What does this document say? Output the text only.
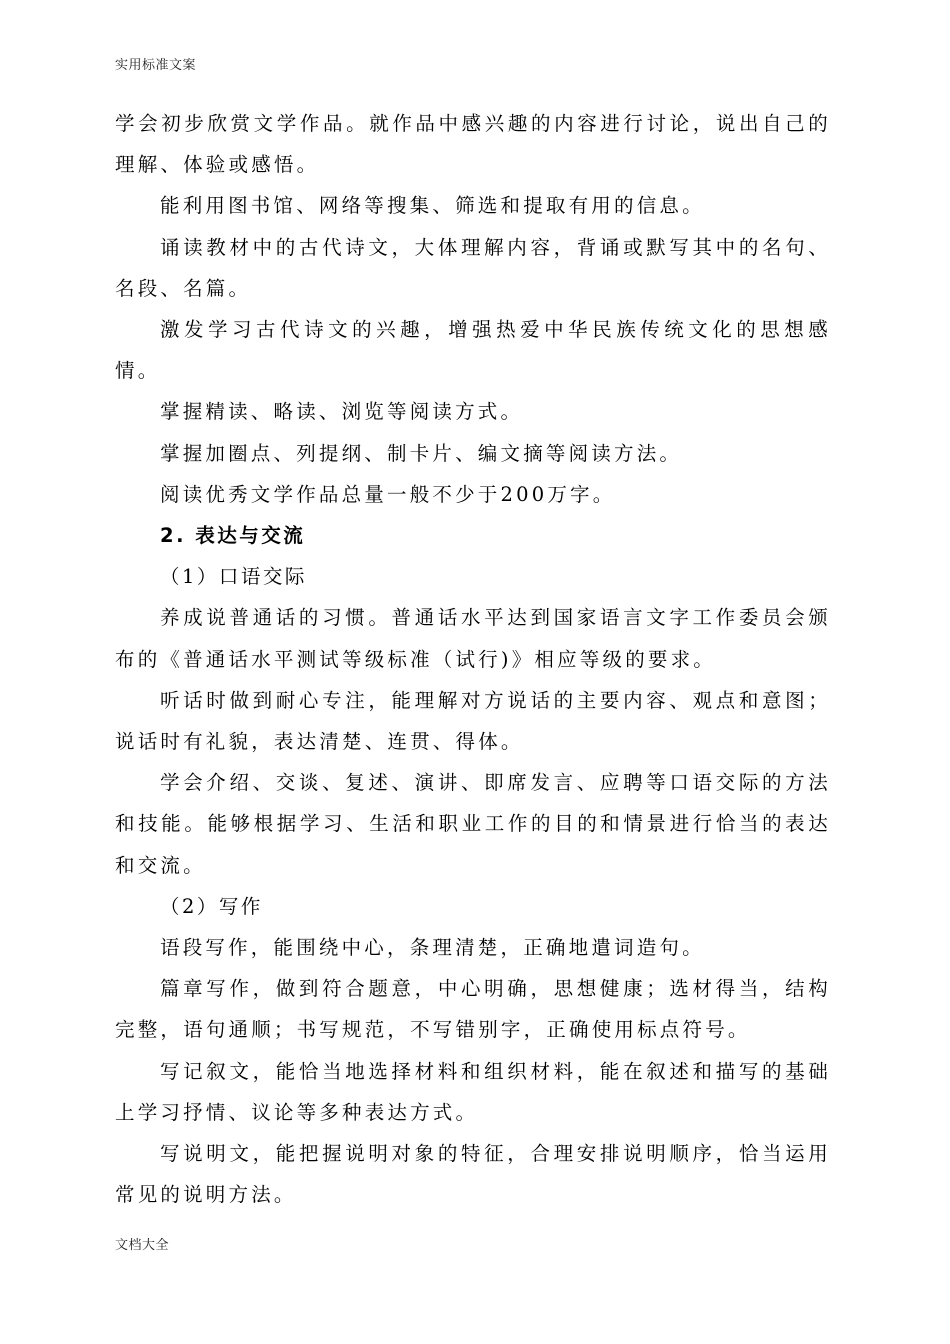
实用标准文案

学会初步欣赏文学作品。就作品中感兴趣的内容进行讨论，说出自己的理解、体验或感悟。

能利用图书馆、网络等搜集、筛选和提取有用的信息。

诵读教材中的古代诗文，大体理解内容，背诵或默写其中的名句、名段、名篇。

激发学习古代诗文的兴趣，增强热爱中华民族传统文化的思想感情。

掌握精读、略读、浏览等阅读方式。

掌握加圈点、列提纲、制卡片、编文摘等阅读方法。

阅读优秀文学作品总量一般不少于200万字。

2. 表达与交流

（1）口语交际

养成说普通话的习惯。普通话水平达到国家语言文字工作委员会颁布的《普通话水平测试等级标准（试行)》相应等级的要求。

听话时做到耐心专注，能理解对方说话的主要内容、观点和意图；说话时有礼貌，表达清楚、连贯、得体。

学会介绍、交谈、复述、演讲、即席发言、应聘等口语交际的方法和技能。能够根据学习、生活和职业工作的目的和情景进行恰当的表达和交流。

（2）写作

语段写作，能围绕中心，条理清楚，正确地遣词造句。

篇章写作，做到符合题意，中心明确，思想健康；选材得当，结构完整，语句通顺；书写规范，不写错别字，正确使用标点符号。

写记叙文，能恰当地选择材料和组织材料，能在叙述和描写的基础上学习抒情、议论等多种表达方式。

写说明文，能把握说明对象的特征，合理安排说明顺序，恰当运用常见的说明方法。

文档大全
